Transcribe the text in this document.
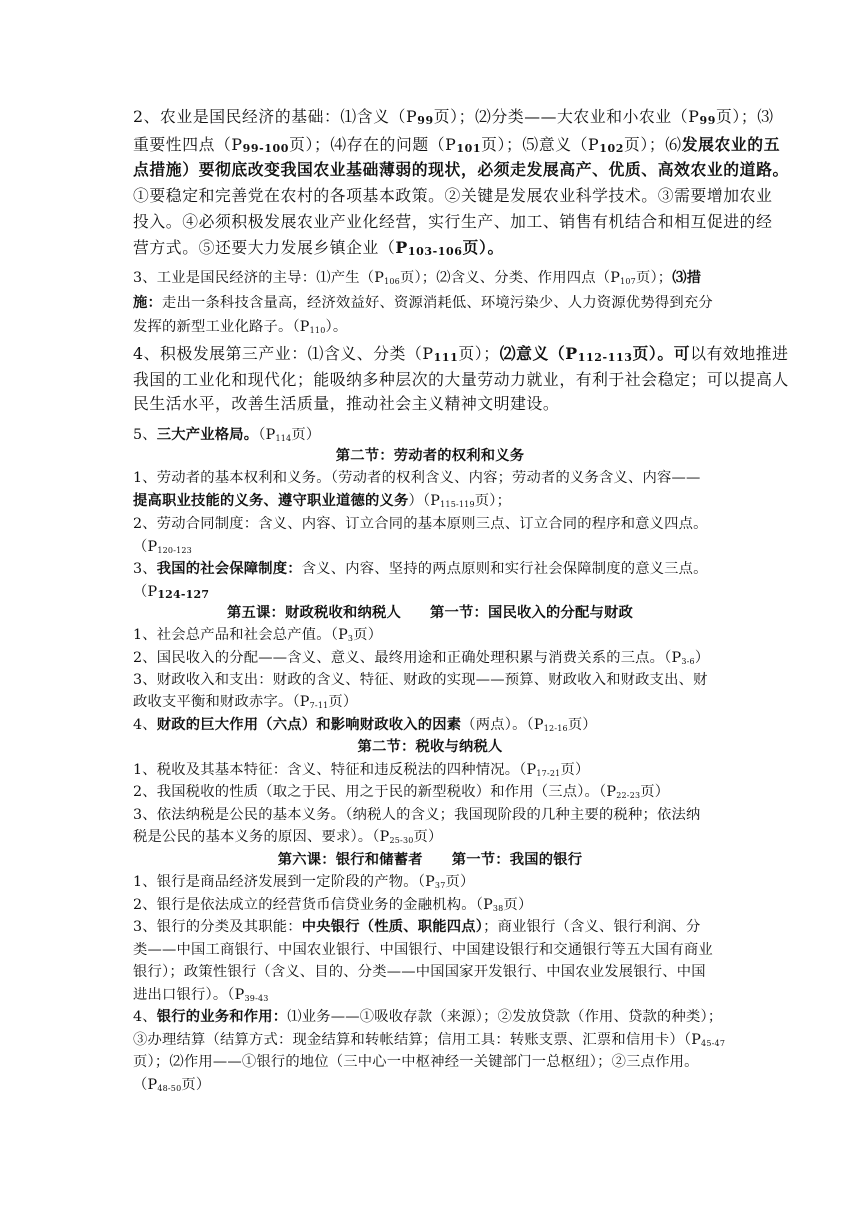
2、农业是国民经济的基础：⑴含义（P99页）；⑵分类——大农业和小农业（P99页）；⑶
重要性四点（P99-100页）；⑷存在的问题（P101页）；⑸意义（P102页）；⑹发展农业的五
点措施）要彻底改变我国农业基础薄弱的现状，必须走发展高产、优质、高效农业的道路。
①要稳定和完善党在农村的各项基本政策。②关键是发展农业科学技术。③需要增加农业
投入。④必须积极发展农业产业化经营，实行生产、加工、销售有机结合和相互促进的经
营方式。⑤还要大力发展乡镇企业（P103-106页）。
3、工业是国民经济的主导：⑴产生（$P_{106}$页）；⑵含义、分类、作用四点（$P_{107}$页）；⑶措
施：走出一条科技含量高，经济效益好、资源消耗低、环境污染少、人力资源优势得到充分
发挥的新型工业化路子。$(P_{110})$。
4、积极发展第三产业：⑴含义、分类（P111页）；⑵意义（P112-113页）。可以有效地推进
我国的工业化和现代化；能吸纳多种层次的大量劳动力就业，有利于社会稳定；可以提高人
民生活水平，改善生活质量，推动社会主义精神文明建设。
5、三大产业格局。（$P_{114}$页）
第二节：劳动者的权利和义务
1、劳动者的基本权利和义务。（劳动者的权利含义、内容；劳动者的义务含义、内容——
提高职业技能的义务、遵守职业道德的义务）（$P_{115-119}$页）；
2、劳动合同制度：含义、内容、订立合同的基本原则三点、订立合同的程序和意义四点。
（$P_{120-123}$
3、我国的社会保障制度：含义、内容、坚持的两点原则和实行社会保障制度的意义三点。
（P124-127
第五课：财政税收和纳税人　　第一节：国民收入的分配与财政
1、社会总产品和社会总产值。（$P_3$页）
2、国民收入的分配——含义、意义、最终用途和正确处理积累与消费关系的三点。$(P_{3-6})$
3、财政收入和支出：财政的含义、特征、财政的实现——预算、财政收入和财政支出、财
政收支平衡和财政赤字。（$P_{7-11}$页）
4、财政的巨大作用（六点）和影响财政收入的因素（两点）。（$P_{12-16}$页）
第二节：税收与纳税人
1、税收及其基本特征：含义、特征和违反税法的四种情况。（$P_{17-21}$页）
2、我国税收的性质（取之于民、用之于民的新型税收）和作用（三点）。（$P_{22-23}$页）
3、依法纳税是公民的基本义务。（纳税人的含义；我国现阶段的几种主要的税种；依法纳
税是公民的基本义务的原因、要求）。（$P_{25-30}$页）
第六课：银行和储蓄者　　第一节：我国的银行
1、银行是商品经济发展到一定阶段的产物。（$P_{37}$页）
2、银行是依法成立的经营货币信贷业务的金融机构。（$P_{38}$页）
3、银行的分类及其职能：中央银行（性质、职能四点）；商业银行（含义、银行利润、分
类——中国工商银行、中国农业银行、中国银行、中国建设银行和交通银行等五大国有商业
银行）；政策性银行（含义、目的、分类——中国国家开发银行、中国农业发展银行、中国
进出口银行）。（$P_{39-43}$
4、银行的业务和作用：⑴业务——①吸收存款（来源）；②发放贷款（作用、贷款的种类）；
③办理结算（结算方式：现金结算和转帐结算；信用工具：转账支票、汇票和信用卡）（$P_{45-47}$
页）；⑵作用——①银行的地位（三中心一中枢神经一关键部门一总枢纽）；②三点作用。
（$P_{48-50}$页）
